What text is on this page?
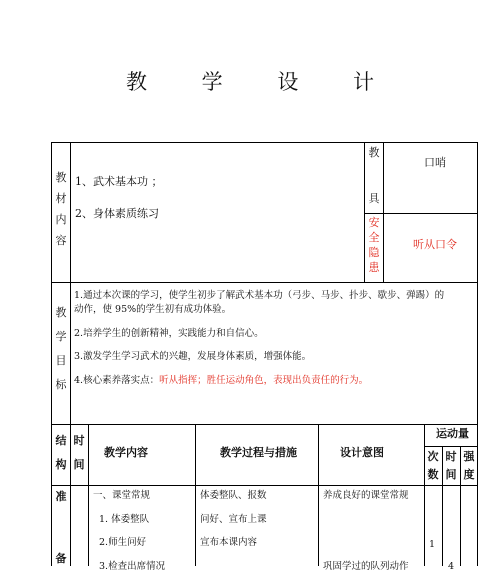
教 学 设 计
教
材
内
容
1、武术基本功 ；
2、身体素质练习
教
具
口哨
安
全
隐
患
听从口令
教
学
目
标
1.通过本次课的学习，使学生初步了解武术基本功（弓步、马步、扑步、歇步、弹踢）的
动作，使 95%的学生初有成功体验。
2.培养学生的创新精神，实践能力和自信心。
3.激发学生学习武术的兴趣，发展身体素质，增强体能。
4.核心素养落实点：听从指挥；胜任运动角色，表现出负责任的行为。
结
构
时
间
教学内容	教学过程与措施	设计意图
运动量
次
数
时
间
强
度
准
备
一、课堂常规
1. 体委整队
2.师生问好
3.检查出席情况
体委整队、报数
问好、宣布上课
宣布本课内容
养成良好的课堂常规
巩固学过的队列动作
1
4
